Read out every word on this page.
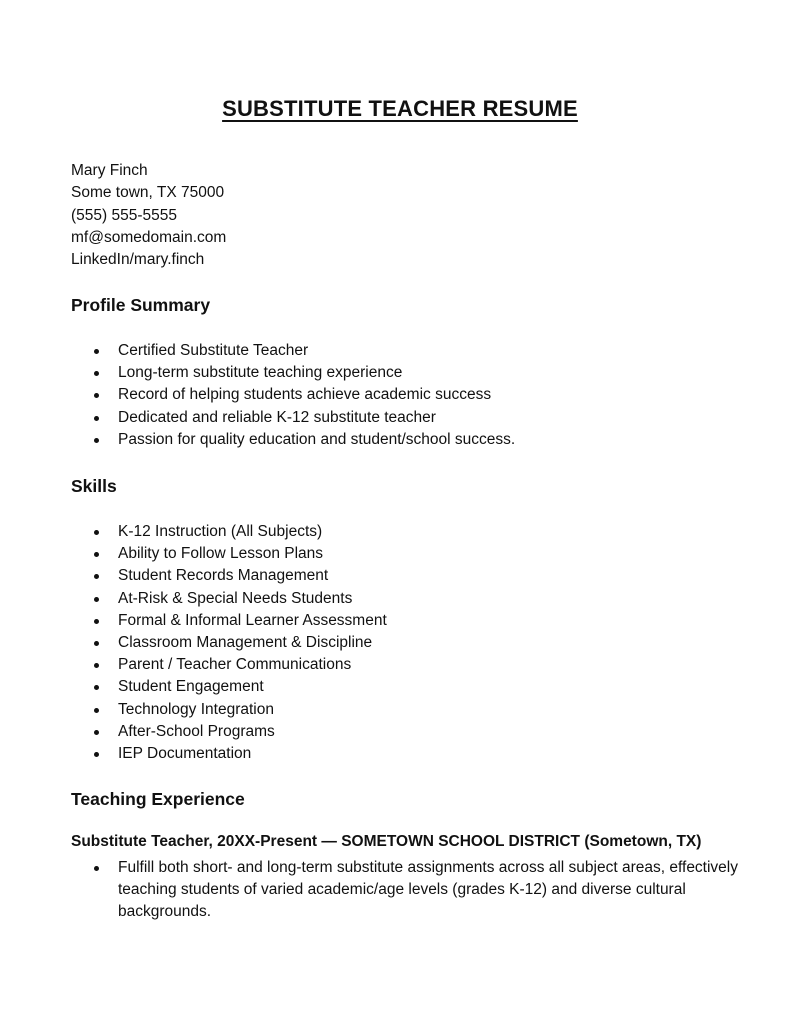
SUBSTITUTE TEACHER RESUME
Mary Finch
Some town, TX 75000
(555) 555-5555
mf@somedomain.com
LinkedIn/mary.finch
Profile Summary
Certified Substitute Teacher
Long-term substitute teaching experience
Record of helping students achieve academic success
Dedicated and reliable K-12 substitute teacher
Passion for quality education and student/school success.
Skills
K-12 Instruction (All Subjects)
Ability to Follow Lesson Plans
Student Records Management
At-Risk & Special Needs Students
Formal & Informal Learner Assessment
Classroom Management & Discipline
Parent / Teacher Communications
Student Engagement
Technology Integration
After-School Programs
IEP Documentation
Teaching Experience
Substitute Teacher, 20XX-Present — SOMETOWN SCHOOL DISTRICT (Sometown, TX)
Fulfill both short- and long-term substitute assignments across all subject areas, effectively teaching students of varied academic/age levels (grades K-12) and diverse cultural backgrounds.
